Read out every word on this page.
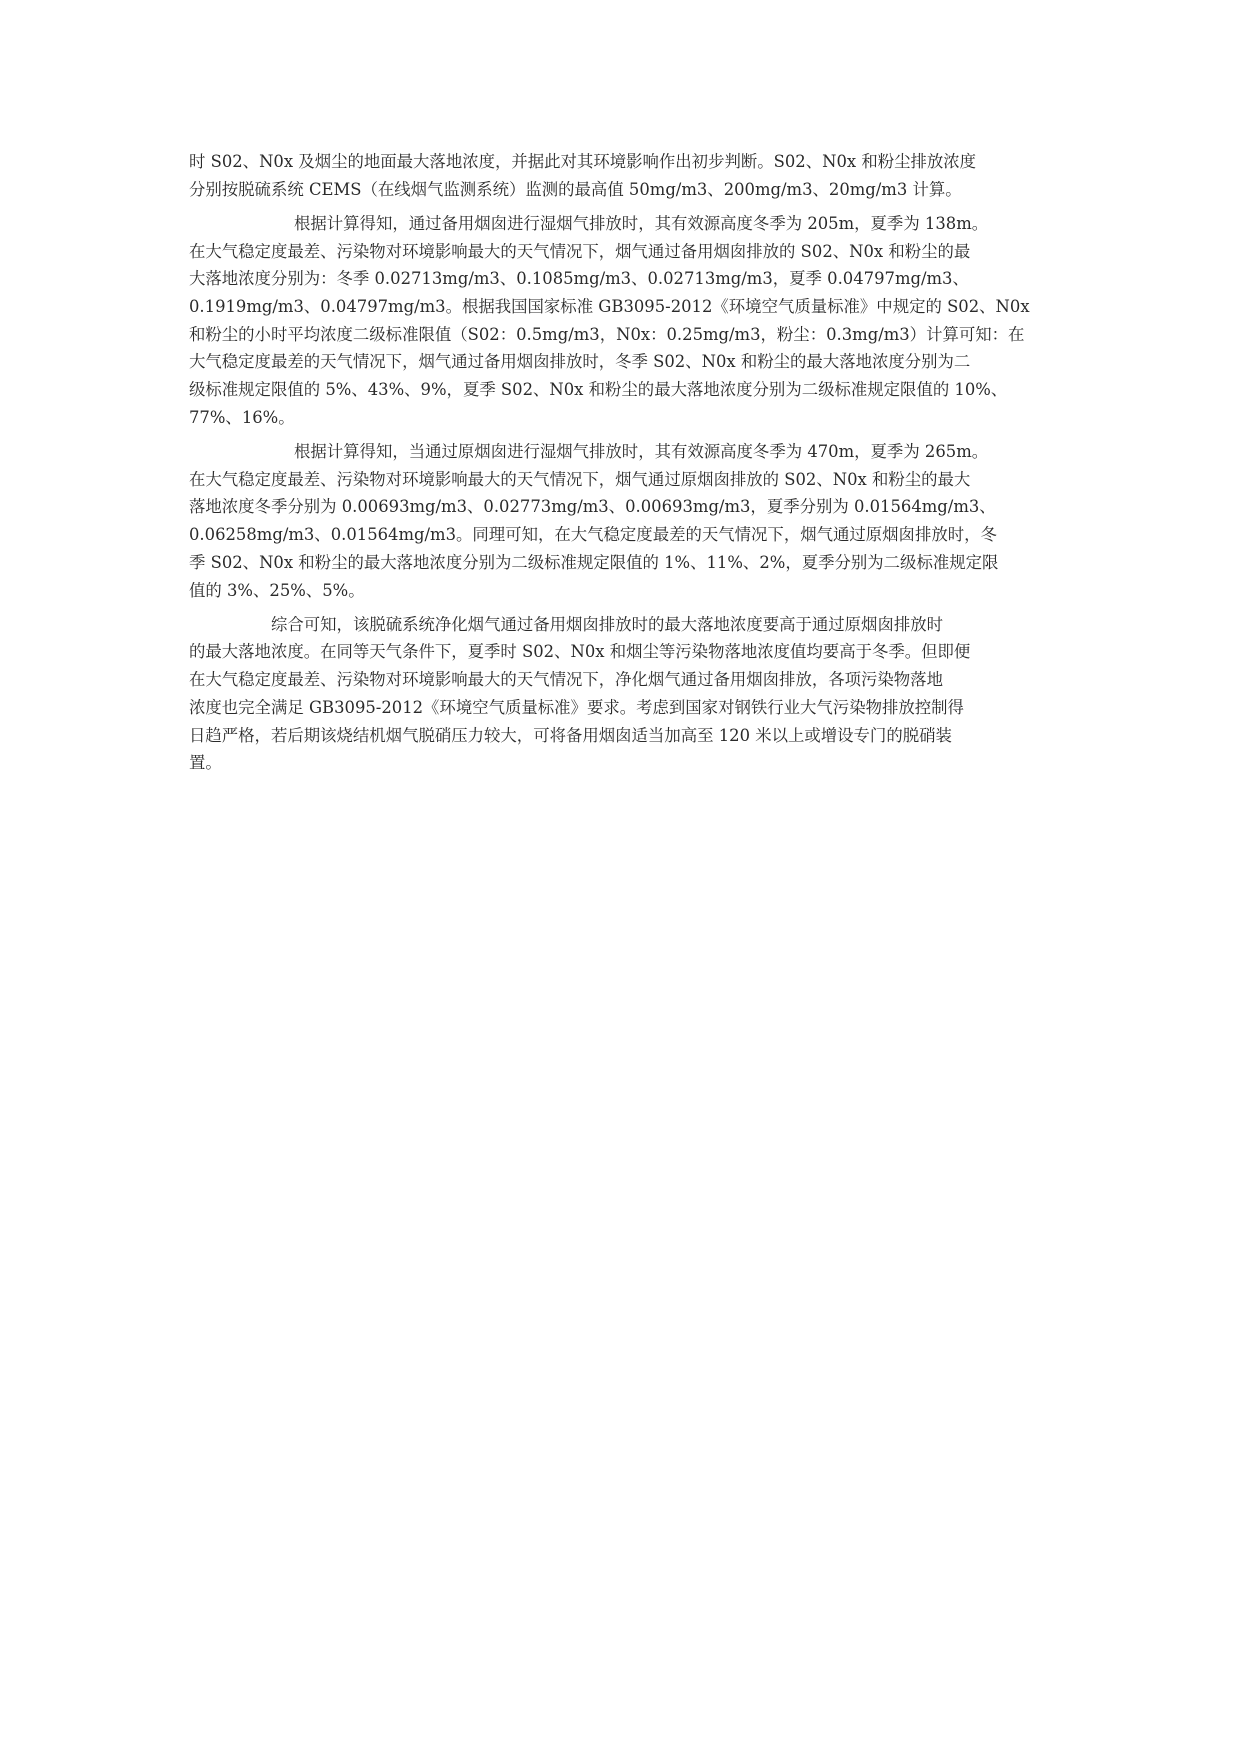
时 S02、N0x 及烟尘的地面最大落地浓度，并据此对其环境影响作出初步判断。S02、N0x 和粉尘排放浓度
分别按脱硫系统 CEMS（在线烟气监测系统）监测的最高值 50mg/m3、200mg/m3、20mg/m3 计算。

根据计算得知，通过备用烟囱进行湿烟气排放时，其有效源高度冬季为 205m，夏季为 138m。
在大气稳定度最差、污染物对环境影响最大的天气情况下，烟气通过备用烟囱排放的 S02、N0x 和粉尘的最
大落地浓度分别为：冬季 0.02713mg/m3、0.1085mg/m3、0.02713mg/m3，夏季 0.04797mg/m3、
0.1919mg/m3、0.04797mg/m3。根据我国国家标准 GB3095-2012《环境空气质量标准》中规定的 S02、N0x
和粉尘的小时平均浓度二级标准限值（S02：0.5mg/m3，N0x：0.25mg/m3，粉尘：0.3mg/m3）计算可知：在
大气稳定度最差的天气情况下，烟气通过备用烟囱排放时，冬季 S02、N0x 和粉尘的最大落地浓度分别为二
级标准规定限值的 5%、43%、9%，夏季 S02、N0x 和粉尘的最大落地浓度分别为二级标准规定限值的 10%、
77%、16%。

根据计算得知，当通过原烟囱进行湿烟气排放时，其有效源高度冬季为 470m，夏季为 265m。
在大气稳定度最差、污染物对环境影响最大的天气情况下，烟气通过原烟囱排放的 S02、N0x 和粉尘的最大
落地浓度冬季分别为 0.00693mg/m3、0.02773mg/m3、0.00693mg/m3，夏季分别为 0.01564mg/m3、
0.06258mg/m3、0.01564mg/m3。同理可知，在大气稳定度最差的天气情况下，烟气通过原烟囱排放时，冬
季 S02、N0x 和粉尘的最大落地浓度分别为二级标准规定限值的 1%、11%、2%，夏季分别为二级标准规定限
值的 3%、25%、5%。

综合可知，该脱硫系统净化烟气通过备用烟囱排放时的最大落地浓度要高于通过原烟囱排放时
的最大落地浓度。在同等天气条件下，夏季时 S02、N0x 和烟尘等污染物落地浓度值均要高于冬季。但即便
在大气稳定度最差、污染物对环境影响最大的天气情况下，净化烟气通过备用烟囱排放，各项污染物落地
浓度也完全满足 GB3095-2012《环境空气质量标准》要求。考虑到国家对钢铁行业大气污染物排放控制得
日趋严格，若后期该烧结机烟气脱硝压力较大，可将备用烟囱适当加高至 120 米以上或增设专门的脱硝装
置。
